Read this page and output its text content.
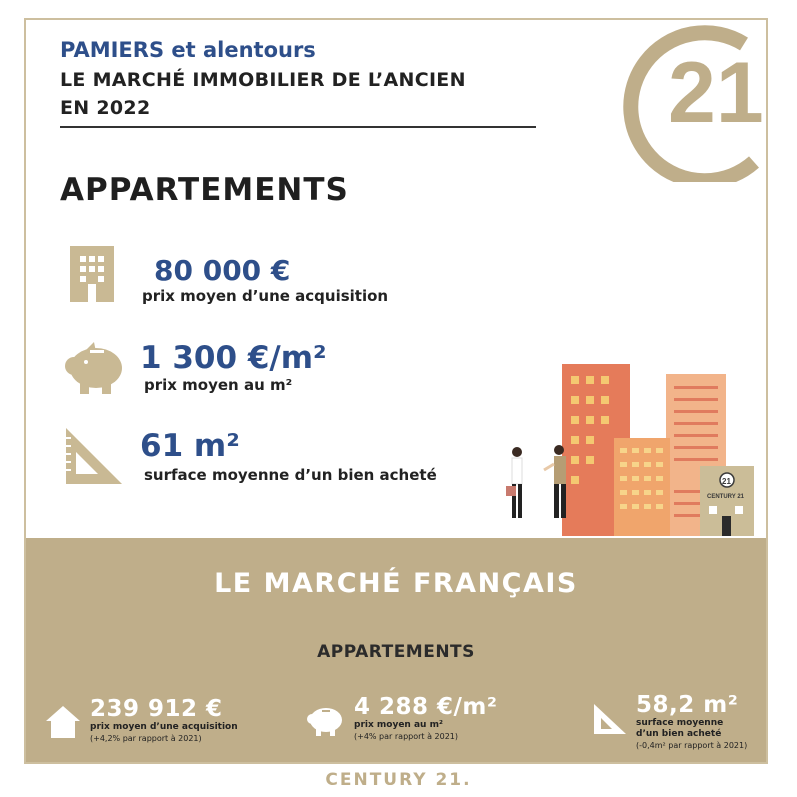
PAMIERS et alentours
LE MARCHÉ IMMOBILIER DE L’ANCIEN
EN 2022	21
APPARTEMENTS
80 000 €
prix moyen d’une acquisition
1 300 €/m²
prix moyen au m²
61 m²
surface moyenne d’un bien acheté	21
CENTURY 21
LE MARCHÉ FRANÇAIS
APPARTEMENTS
239 912 €
prix moyen d’une acquisition
(+4,2% par rapport à 2021)
4 288 €/m²
prix moyen au m²
(+4% par rapport à 2021)
58,2 m²
surface moyenne
d’un bien acheté
(-0,4m² par rapport à 2021)
CENTURY 21.
